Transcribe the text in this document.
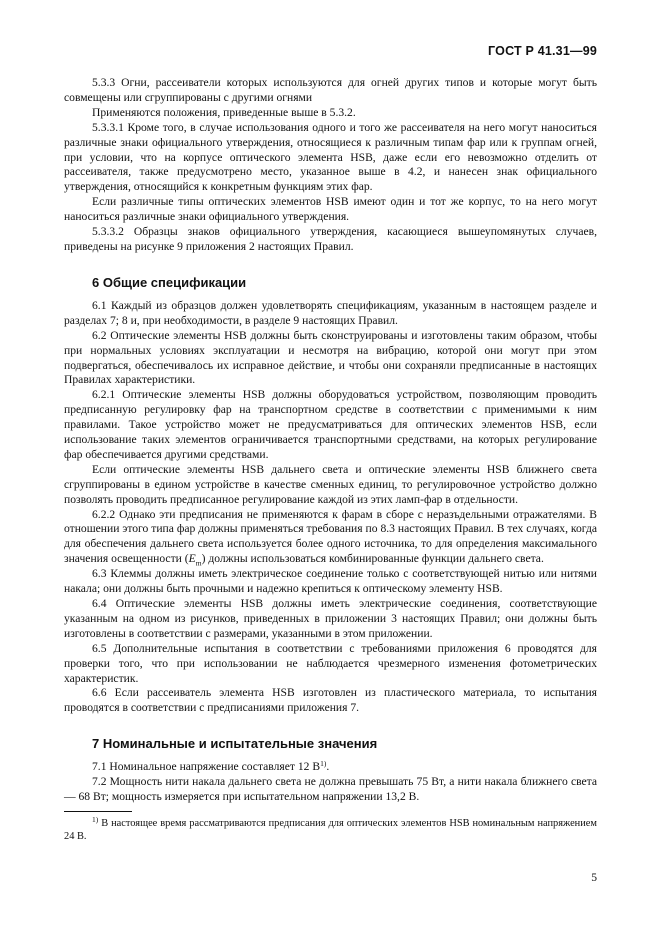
ГОСТ Р 41.31—99

5.3.3 Огни, рассеиватели которых используются для огней других типов и которые могут быть совмещены или сгруппированы с другими огнями

Применяются положения, приведенные выше в 5.3.2.

5.3.3.1 Кроме того, в случае использования одного и того же рассеивателя на него могут наноситься различные знаки официального утверждения, относящиеся к различным типам фар или к группам огней, при условии, что на корпусе оптического элемента HSB, даже если его невозможно отделить от рассеивателя, также предусмотрено место, указанное выше в 4.2, и нанесен знак официального утверждения, относящийся к конкретным функциям этих фар.

Если различные типы оптических элементов HSB имеют один и тот же корпус, то на него могут наноситься различные знаки официального утверждения.

5.3.3.2 Образцы знаков официального утверждения, касающиеся вышеупомянутых случаев, приведены на рисунке 9 приложения 2 настоящих Правил.

6 Общие спецификации

6.1 Каждый из образцов должен удовлетворять спецификациям, указанным в настоящем разделе и разделах 7; 8 и, при необходимости, в разделе 9 настоящих Правил.

6.2 Оптические элементы HSB должны быть сконструированы и изготовлены таким образом, чтобы при нормальных условиях эксплуатации и несмотря на вибрацию, которой они могут при этом подвергаться, обеспечивалось их исправное действие, и чтобы они сохраняли предписанные в настоящих Правилах характеристики.

6.2.1 Оптические элементы HSB должны оборудоваться устройством, позволяющим проводить предписанную регулировку фар на транспортном средстве в соответствии с применимыми к ним правилами. Такое устройство может не предусматриваться для оптических элементов HSB, если использование таких элементов ограничивается транспортными средствами, на которых регулирование фар обеспечивается другими средствами.

Если оптические элементы HSB дальнего света и оптические элементы HSB ближнего света сгруппированы в едином устройстве в качестве сменных единиц, то регулировочное устройство должно позволять проводить предписанное регулирование каждой из этих ламп-фар в отдельности.

6.2.2 Однако эти предписания не применяются к фарам в сборе с неразъдельными отражателями. В отношении этого типа фар должны применяться требования по 8.3 настоящих Правил. В тех случаях, когда для обеспечения дальнего света используется более одного источника, то для определения максимального значения освещенности $(E_m)$ должны использоваться комбинированные функции дальнего света.

6.3 Клеммы должны иметь электрическое соединение только с соответствующей нитью или нитями накала; они должны быть прочными и надежно крепиться к оптическому элементу HSB.

6.4 Оптические элементы HSB должны иметь электрические соединения, соответствующие указанным на одном из рисунков, приведенных в приложении 3 настоящих Правил; они должны быть изготовлены в соответствии с размерами, указанными в этом приложении.

6.5 Дополнительные испытания в соответствии с требованиями приложения 6 проводятся для проверки того, что при использовании не наблюдается чрезмерного изменения фотометрических характеристик.

6.6 Если рассеиватель элемента HSB изготовлен из пластического материала, то испытания проводятся в соответствии с предписаниями приложения 7.

7 Номинальные и испытательные значения

7.1 Номинальное напряжение составляет 12 $В^{1)}$.

7.2 Мощность нити накала дальнего света не должна превышать 75 Вт, а нити накала ближнего света — 68 Вт; мощность измеряется при испытательном напряжении 13,2 В.

$^{1)}$ В настоящее время рассматриваются предписания для оптических элементов HSB номинальным напряжением 24 В.

5
